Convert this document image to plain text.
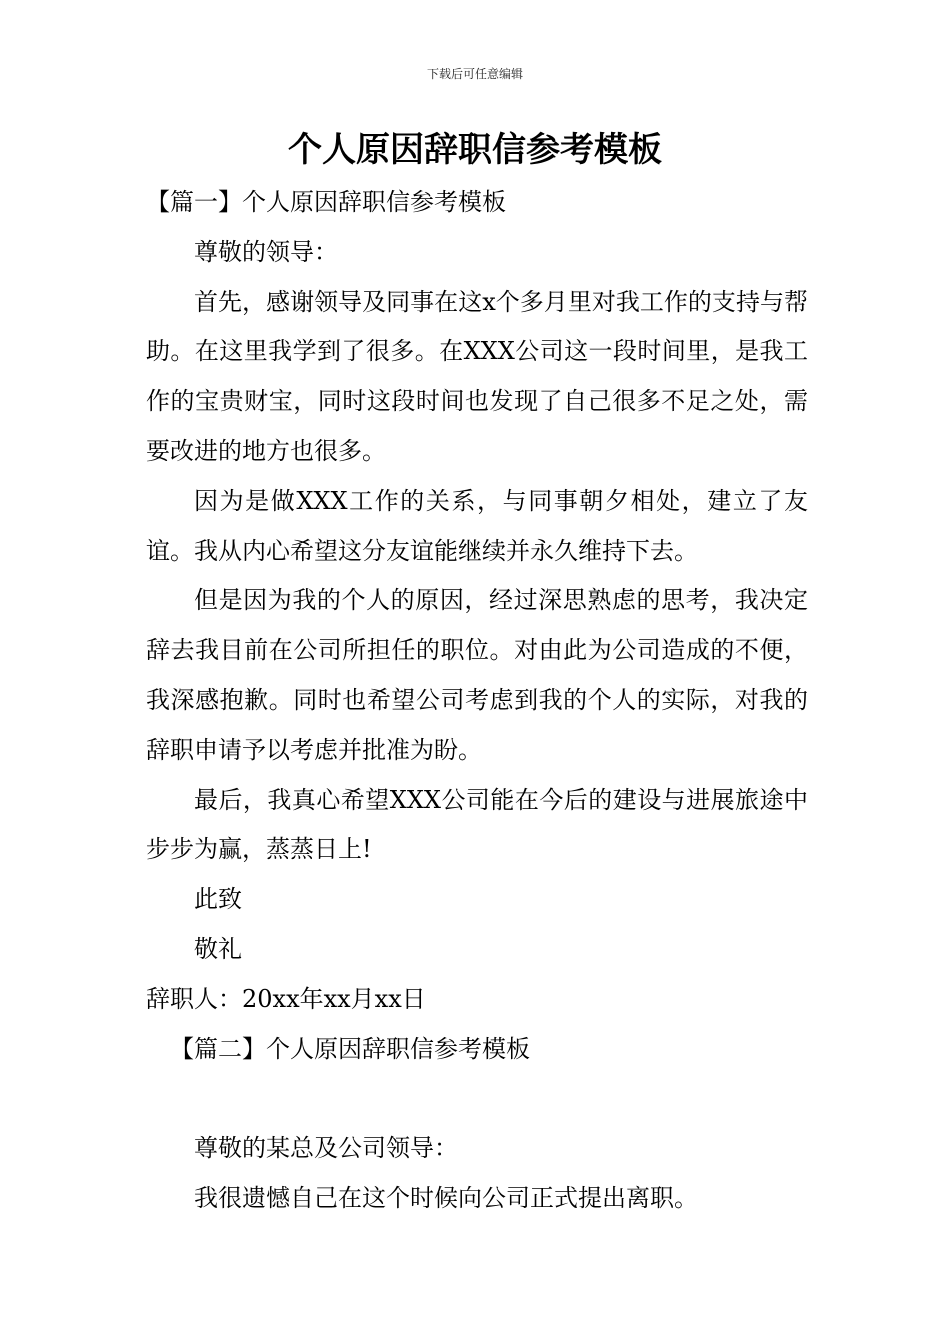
下载后可任意编辑
个人原因辞职信参考模板

【篇一】个人原因辞职信参考模板

尊敬的领导：

首先，感谢领导及同事在这x个多月里对我工作的支持与帮助。在这里我学到了很多。在XXX公司这一段时间里，是我工作的宝贵财宝，同时这段时间也发现了自己很多不足之处，需要改进的地方也很多。

因为是做XXX工作的关系，与同事朝夕相处，建立了友谊。我从内心希望这分友谊能继续并永久维持下去。

但是因为我的个人的原因，经过深思熟虑的思考，我决定辞去我目前在公司所担任的职位。对由此为公司造成的不便，我深感抱歉。同时也希望公司考虑到我的个人的实际，对我的辞职申请予以考虑并批准为盼。

最后，我真心希望XXX公司能在今后的建设与进展旅途中步步为赢，蒸蒸日上!

此致

敬礼

辞职人：20xx年xx月xx日

【篇二】个人原因辞职信参考模板

尊敬的某总及公司领导：

我很遗憾自己在这个时候向公司正式提出离职。
